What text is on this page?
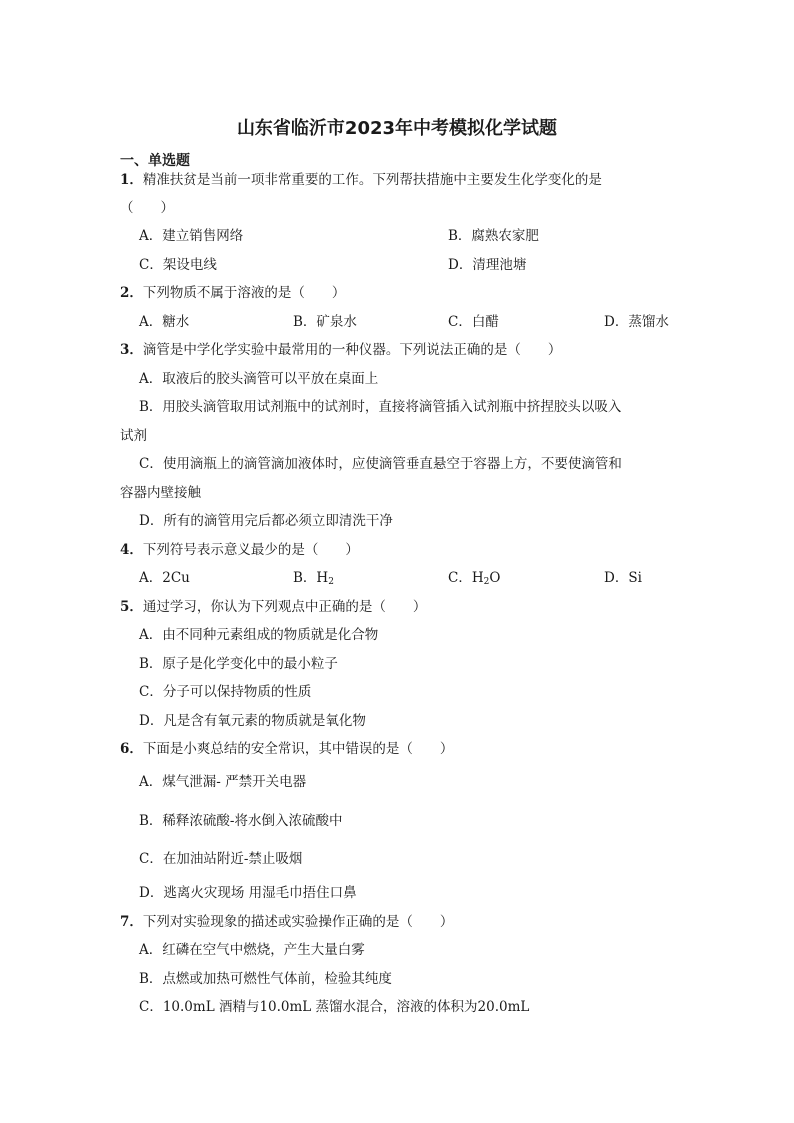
山东省临沂市2023年中考模拟化学试题
一、单选题
1．精准扶贫是当前一项非常重要的工作。下列帮扶措施中主要发生化学变化的是
（　　）
A．建立销售网络	B．腐熟农家肥
C．架设电线	D．清理池塘
2．下列物质不属于溶液的是（　　）
A．糖水	B．矿泉水	C．白醋	D．蒸馏水
3．滴管是中学化学实验中最常用的一种仪器。下列说法正确的是（　　）
A．取液后的胶头滴管可以平放在桌面上
B．用胶头滴管取用试剂瓶中的试剂时，直接将滴管插入试剂瓶中挤捏胶头以吸入
试剂
C．使用滴瓶上的滴管滴加液体时，应使滴管垂直悬空于容器上方，不要使滴管和
容器内壁接触
D．所有的滴管用完后都必须立即清洗干净
4．下列符号表示意义最少的是（　　）
A．2Cu	B．$H_2$	C．$H_2O$	D．Si
5．通过学习，你认为下列观点中正确的是（　　）
A．由不同种元素组成的物质就是化合物
B．原子是化学变化中的最小粒子
C．分子可以保持物质的性质
D．凡是含有氧元素的物质就是氧化物
6．下面是小爽总结的安全常识，其中错误的是（　　）
A．煤气泄漏- 严禁开关电器
B．稀释浓硫酸-将水倒入浓硫酸中
C．在加油站附近-禁止吸烟
D．逃离火灾现场 用湿毛巾捂住口鼻
7．下列对实验现象的描述或实验操作正确的是（　　）
A．红磷在空气中燃烧，产生大量白雾
B．点燃或加热可燃性气体前，检验其纯度
C．10.0mL 酒精与10.0mL 蒸馏水混合，溶液的体积为20.0mL
